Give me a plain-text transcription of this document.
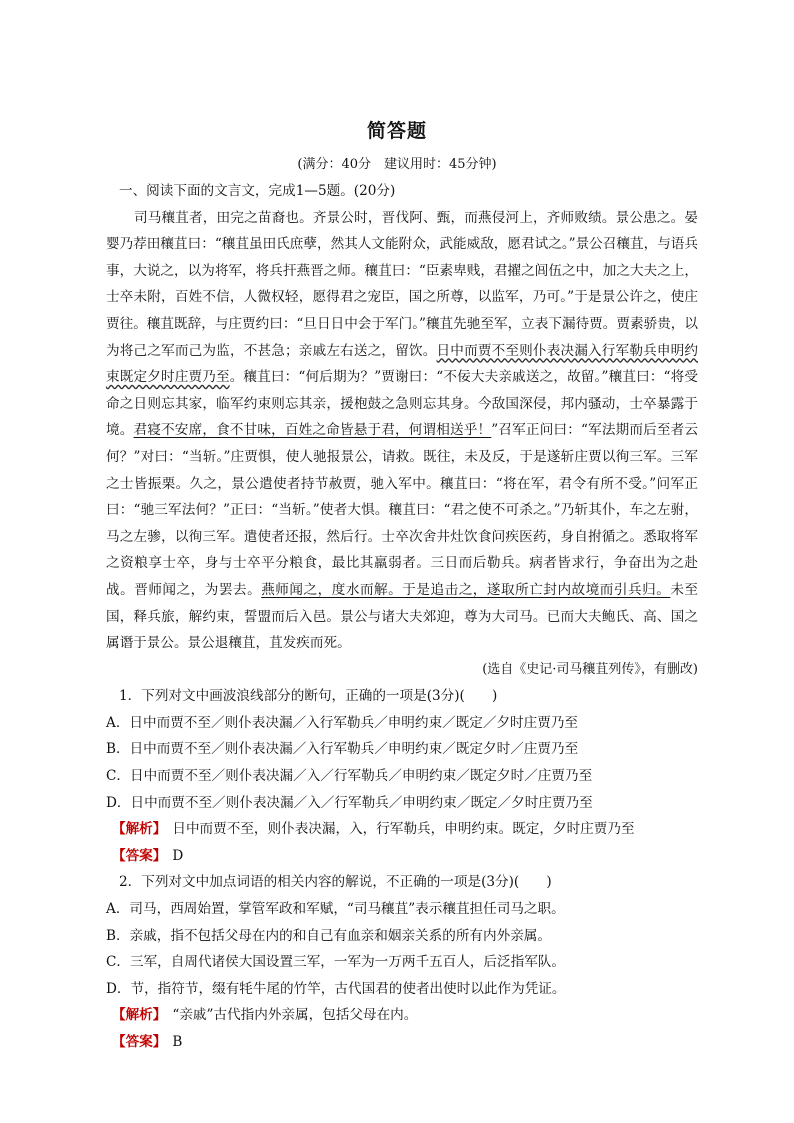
简答题
(满分：40分　建议用时：45分钟)

一、阅读下面的文言文，完成1—5题。(20分)

司马穰苴者，田完之苗裔也。齐景公时，晋伐阿、甄，而燕侵河上，齐师败绩。景公患之。晏婴乃荐田穰苴曰：“穰苴虽田氏庶孽，然其人文能附众，武能威敌，愿君试之。”景公召穰苴，与语兵事，大说之，以为将军，将兵扞燕晋之师。穰苴曰：“臣素卑贱，君擢之闾伍之中，加之大夫之上，士卒未附，百姓不信，人微权轻，愿得君之宠臣，国之所尊，以监军，乃可。”于是景公许之，使庄贾往。穰苴既辞，与庄贾约曰：“旦日日中会于军门。”穰苴先驰至军，立表下漏待贾。贾素骄贵，以为将己之军而己为监，不甚急；亲戚左右送之，留饮。日中而贾不至则仆表决漏入行军勒兵申明约束既定夕时庄贾乃至。穰苴曰：“何后期为？”贾谢曰：“不佞大夫亲戚送之，故留。”穰苴曰：“将受命之日则忘其家，临军约束则忘其亲，援枹鼓之急则忘其身。今敌国深侵，邦内骚动，士卒暴露于境。君寝不安席，食不甘味，百姓之命皆悬于君，何谓相送乎！”召军正问曰：“军法期而后至者云何？”对曰：“当斩。”庄贾惧，使人驰报景公，请救。既往，未及反，于是遂斩庄贾以徇三军。三军之士皆振栗。久之，景公遣使者持节赦贾，驰入军中。穰苴曰：“将在军，君令有所不受。”问军正曰：“驰三军法何？”正曰：“当斩。”使者大惧。穰苴曰：“君之使不可杀之。”乃斩其仆，车之左驸，马之左骖，以徇三军。遣使者还报，然后行。士卒次舍井灶饮食问疾医药，身自拊循之。悉取将军之资粮享士卒，身与士卒平分粮食，最比其羸弱者。三日而后勒兵。病者皆求行，争奋出为之赴战。晋师闻之，为罢去。燕师闻之，度水而解。于是追击之，遂取所亡封内故境而引兵归。未至国，释兵旅，解约束，誓盟而后入邑。景公与诸大夫郊迎，尊为大司马。已而大夫鲍氏、高、国之属谮于景公。景公退穰苴，苴发疾而死。

(选自《史记·司马穰苴列传》，有删改)

1．下列对文中画波浪线部分的断句，正确的一项是(3分)(　　)

A．日中而贾不至／则仆表决漏／入行军勒兵／申明约束／既定／夕时庄贾乃至

B．日中而贾不至／则仆表决漏／入行军勒兵／申明约束／既定夕时／庄贾乃至

C．日中而贾不至／则仆表决漏／入／行军勒兵／申明约束／既定夕时／庄贾乃至

D．日中而贾不至／则仆表决漏／入／行军勒兵／申明约束／既定／夕时庄贾乃至

【解析】 日中而贾不至，则仆表决漏，入，行军勒兵，申明约束。既定，夕时庄贾乃至

【答案】 D

2．下列对文中加点词语的相关内容的解说，不正确的一项是(3分)(　　)

A．司马，西周始置，掌管军政和军赋，“司马穰苴”表示穰苴担任司马之职。

B．亲戚，指不包括父母在内的和自己有血亲和姻亲关系的所有内外亲属。

C．三军，自周代诸侯大国设置三军，一军为一万两千五百人，后泛指军队。

D．节，指符节，缀有牦牛尾的竹竿，古代国君的使者出使时以此作为凭证。

【解析】 “亲戚”古代指内外亲属，包括父母在内。

【答案】 B
